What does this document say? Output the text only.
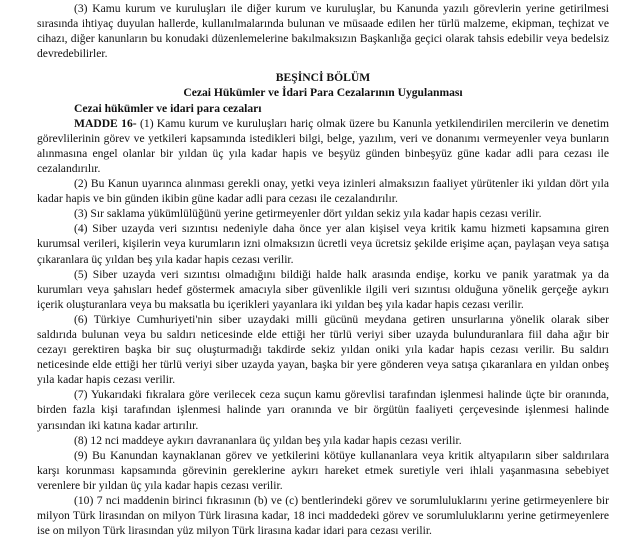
(3) Kamu kurum ve kuruluşları ile diğer kurum ve kuruluşlar, bu Kanunda yazılı görevlerin yerine getirilmesi sırasında ihtiyaç duyulan hallerde, kullanılmalarında bulunan ve müsaade edilen her türlü malzeme, ekipman, teçhizat ve cihazı, diğer kanunların bu konudaki düzenlemelerine bakılmaksızın Başkanlığa geçici olarak tahsis edebilir veya bedelsiz devredebilirler.

BEŞİNCİ BÖLÜM
Cezai Hükümler ve İdari Para Cezalarının Uygulanması
Cezai hükümler ve idari para cezaları

MADDE 16- (1) Kamu kurum ve kuruluşları hariç olmak üzere bu Kanunla yetkilendirilen mercilerin ve denetim görevlilerinin görev ve yetkileri kapsamında istedikleri bilgi, belge, yazılım, veri ve donanımı vermeyenler veya bunların alınmasına engel olanlar bir yıldan üç yıla kadar hapis ve beşyüz günden binbeşyüz güne kadar adli para cezası ile cezalandırılır.

(2) Bu Kanun uyarınca alınması gerekli onay, yetki veya izinleri almaksızın faaliyet yürütenler iki yıldan dört yıla kadar hapis ve bin günden ikibin güne kadar adli para cezası ile cezalandırılır.

(3) Sır saklama yükümlülüğünü yerine getirmeyenler dört yıldan sekiz yıla kadar hapis cezası verilir.

(4) Siber uzayda veri sızıntısı nedeniyle daha önce yer alan kişisel veya kritik kamu hizmeti kapsamına giren kurumsal verileri, kişilerin veya kurumların izni olmaksızın ücretli veya ücretsiz şekilde erişime açan, paylaşan veya satışa çıkaranlara üç yıldan beş yıla kadar hapis cezası verilir.

(5) Siber uzayda veri sızıntısı olmadığını bildiği halde halk arasında endişe, korku ve panik yaratmak ya da kurumları veya şahısları hedef göstermek amacıyla siber güvenlikle ilgili veri sızıntısı olduğuna yönelik gerçeğe aykırı içerik oluşturanlara veya bu maksatla bu içerikleri yayanlara iki yıldan beş yıla kadar hapis cezası verilir.

(6) Türkiye Cumhuriyeti'nin siber uzaydaki milli gücünü meydana getiren unsurlarına yönelik olarak siber saldırıda bulunan veya bu saldırı neticesinde elde ettiği her türlü veriyi siber uzayda bulunduranlara fiil daha ağır bir cezayı gerektiren başka bir suç oluşturmadığı takdirde sekiz yıldan oniki yıla kadar hapis cezası verilir. Bu saldırı neticesinde elde ettiği her türlü veriyi siber uzayda yayan, başka bir yere gönderen veya satışa çıkaranlara en yıldan onbeş yıla kadar hapis cezası verilir.

(7) Yukarıdaki fıkralara göre verilecek ceza suçun kamu görevlisi tarafından işlenmesi halinde üçte bir oranında, birden fazla kişi tarafından işlenmesi halinde yarı oranında ve bir örgütün faaliyeti çerçevesinde işlenmesi halinde yarısından iki katına kadar artırılır.

(8) 12 nci maddeye aykırı davrananlara üç yıldan beş yıla kadar hapis cezası verilir.

(9) Bu Kanundan kaynaklanan görev ve yetkilerini kötüye kullananlara veya kritik altyapıların siber saldırılara karşı korunması kapsamında görevinin gereklerine aykırı hareket etmek suretiyle veri ihlali yaşanmasına sebebiyet verenlere bir yıldan üç yıla kadar hapis cezası verilir.

(10) 7 nci maddenin birinci fıkrasının (b) ve (c) bentlerindeki görev ve sorumluluklarını yerine getirmeyenlere bir milyon Türk lirasından on milyon Türk lirasına kadar, 18 inci maddedeki görev ve sorumluluklarını yerine getirmeyenlere ise on milyon Türk lirasından yüz milyon Türk lirasına kadar idari para cezası verilir.
